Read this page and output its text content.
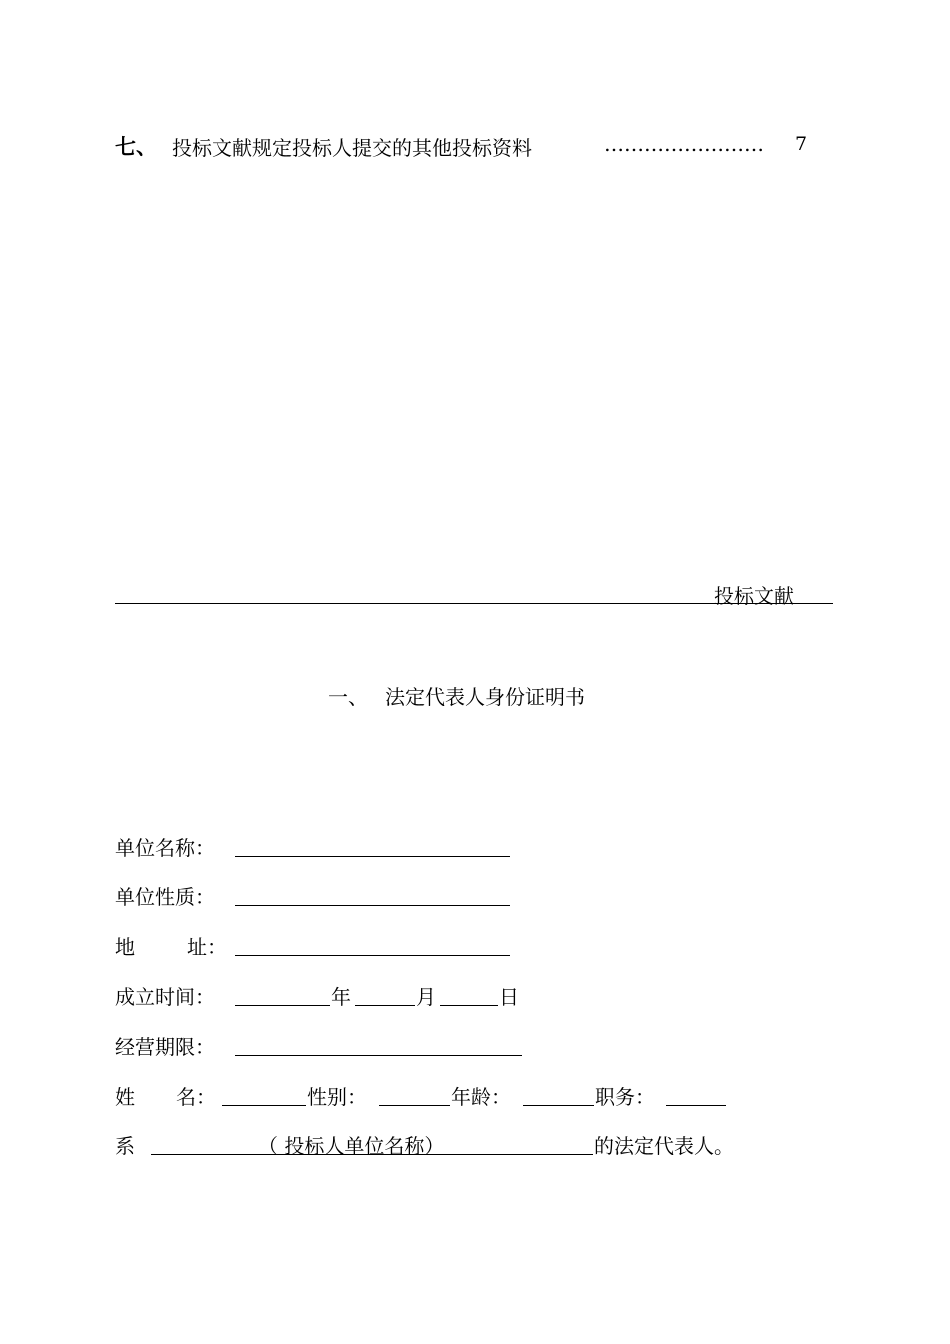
七、 投标文献规定投标人提交的其他投标资料	…………………… 7
投标文献
一、 法定代表人身份证明书
单位名称：
单位性质：
地	址：
成立时间：	年	月	日
经营期限：
姓 名：	性别：	年龄：	职务：
系	（ 投标人单位名称）	的法定代表人。
